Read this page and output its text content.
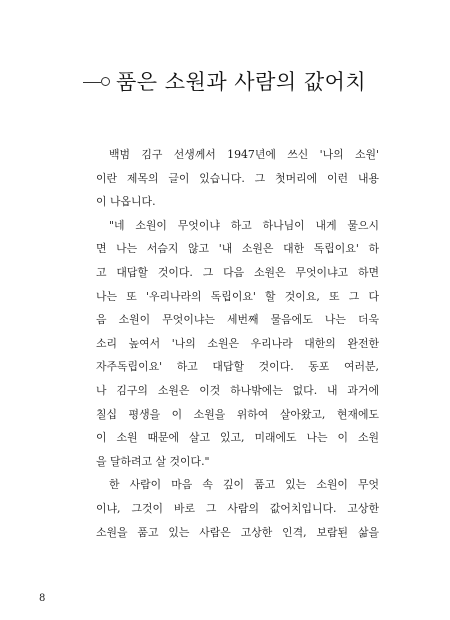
품은 소원과 사람의 값어치
백범 김구 선생께서 1947년에 쓰신 '나의 소원'
이란 제목의 글이 있습니다. 그 첫머리에 이런 내용
이 나옵니다.
"네 소원이 무엇이냐 하고 하나님이 내게 물으시
면 나는 서슴지 않고 '내 소원은 대한 독립이요' 하
고 대답할 것이다. 그 다음 소원은 무엇이냐고 하면
나는 또 '우리나라의 독립이요' 할 것이요, 또 그 다
음 소원이 무엇이냐는 세번째 물음에도 나는 더욱
소리 높여서 '나의 소원은 우리나라 대한의 완전한
자주독립이요' 하고 대답할 것이다. 동포 여러분,
나 김구의 소원은 이것 하나밖에는 없다. 내 과거에
칠십 평생을 이 소원을 위하여 살아왔고, 현재에도
이 소원 때문에 살고 있고, 미래에도 나는 이 소원
을 달하려고 살 것이다."
한 사람이 마음 속 깊이 품고 있는 소원이 무엇
이냐, 그것이 바로 그 사람의 값어치입니다. 고상한
소원을 품고 있는 사람은 고상한 인격, 보람된 삶을
8
